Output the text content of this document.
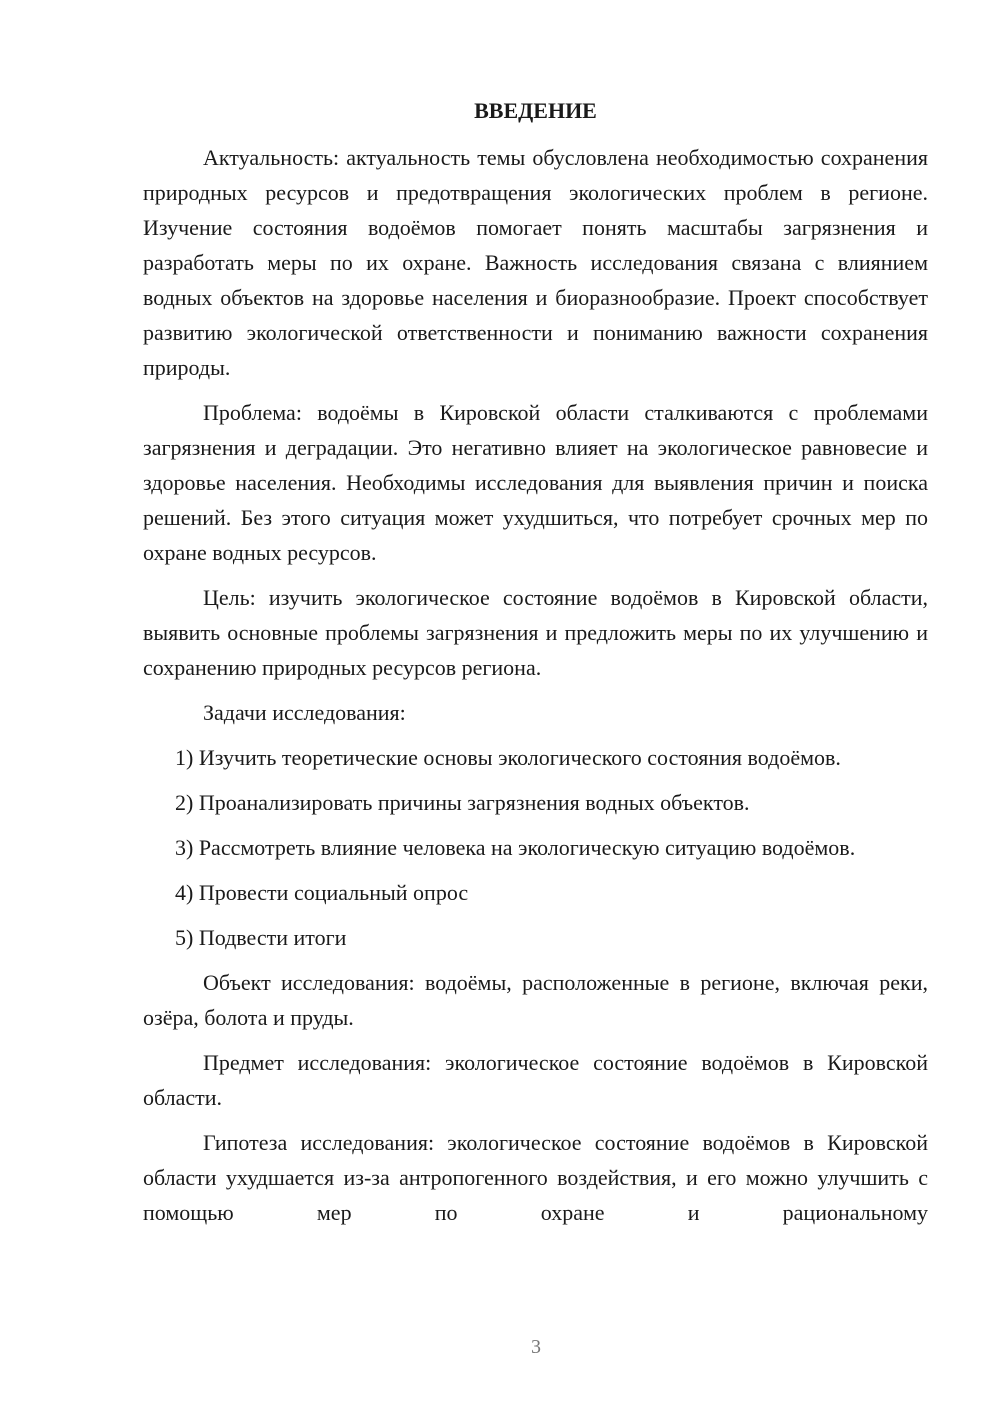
ВВЕДЕНИЕ

Актуальность: актуальность темы обусловлена необходимостью сохранения природных ресурсов и предотвращения экологических проблем в регионе. Изучение состояния водоёмов помогает понять масштабы загрязнения и разработать меры по их охране. Важность исследования связана с влиянием водных объектов на здоровье населения и биоразнообразие. Проект способствует развитию экологической ответственности и пониманию важности сохранения природы.

Проблема: водоёмы в Кировской области сталкиваются с проблемами загрязнения и деградации. Это негативно влияет на экологическое равновесие и здоровье населения. Необходимы исследования для выявления причин и поиска решений. Без этого ситуация может ухудшиться, что потребует срочных мер по охране водных ресурсов.

Цель: изучить экологическое состояние водоёмов в Кировской области, выявить основные проблемы загрязнения и предложить меры по их улучшению и сохранению природных ресурсов региона.

Задачи исследования:

1) Изучить теоретические основы экологического состояния водоёмов.

2) Проанализировать причины загрязнения водных объектов.

3) Рассмотреть влияние человека на экологическую ситуацию водоёмов.

4) Провести социальный опрос

5) Подвести итоги

Объект исследования: водоёмы, расположенные в регионе, включая реки, озёра, болота и пруды.

Предмет исследования: экологическое состояние водоёмов в Кировской области.

Гипотеза исследования: экологическое состояние водоёмов в Кировской области ухудшается из-за антропогенного воздействия, и его можно улучшить с помощью мер по охране и рациональному

3
